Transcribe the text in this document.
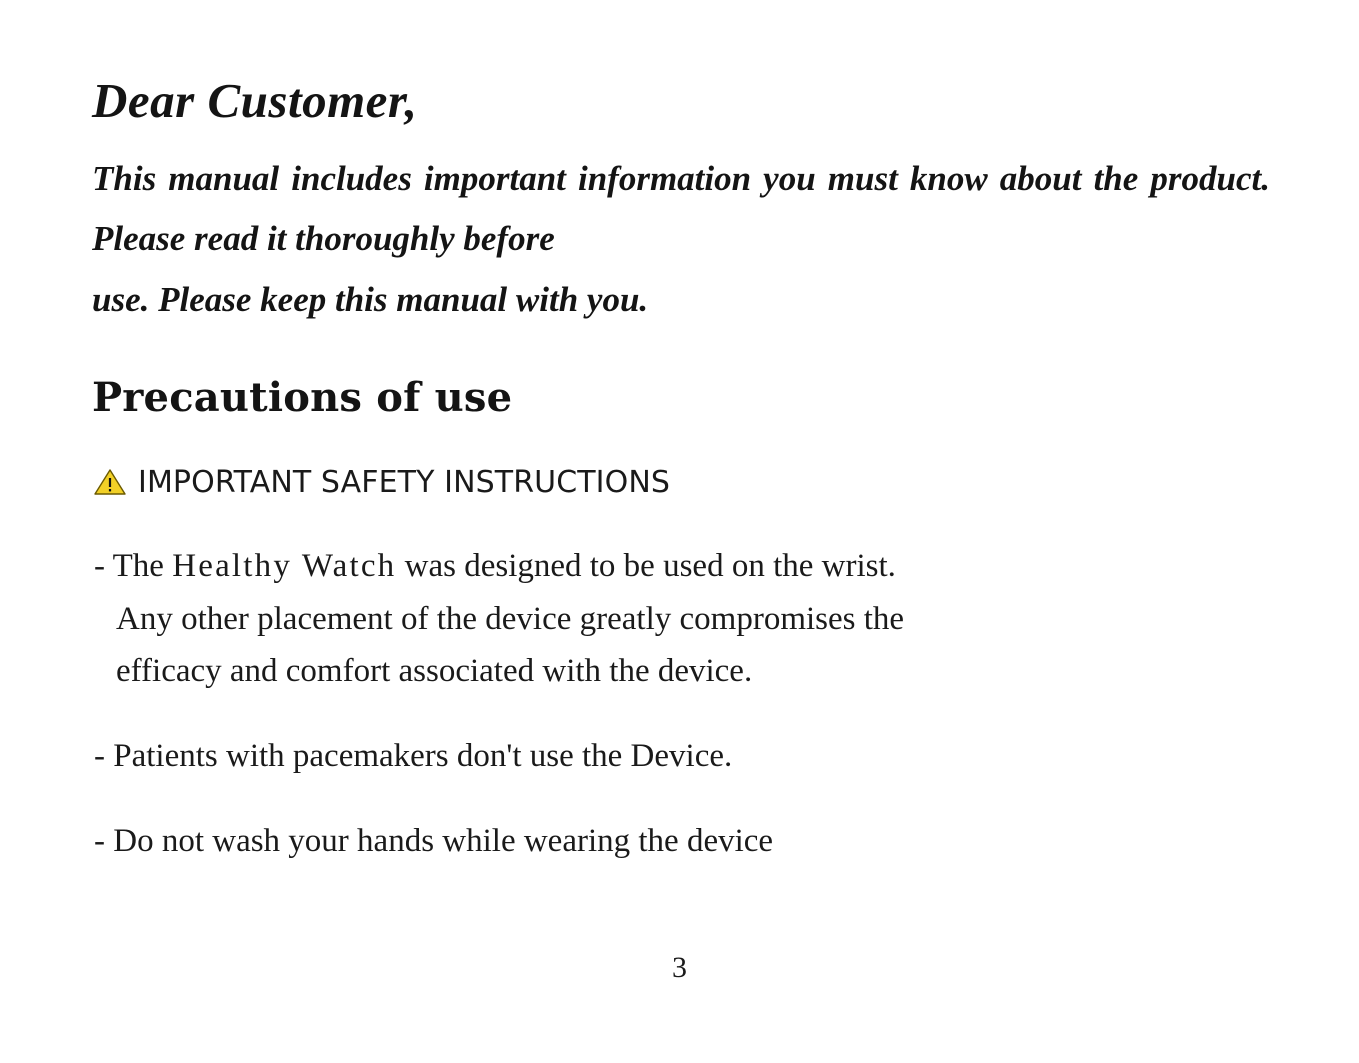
Dear Customer,

This manual includes important information you must know about the product. Please read it thoroughly before
use. Please keep this manual with you.

Precautions of use
IMPORTANT SAFETY INSTRUCTIONS
- The Healthy Watch was designed to be used on the wrist.
Any other placement of the device greatly compromises the
efficacy and comfort associated with the device.
- Patients with pacemakers don't use the Device.
- Do not wash your hands while wearing the device
3
